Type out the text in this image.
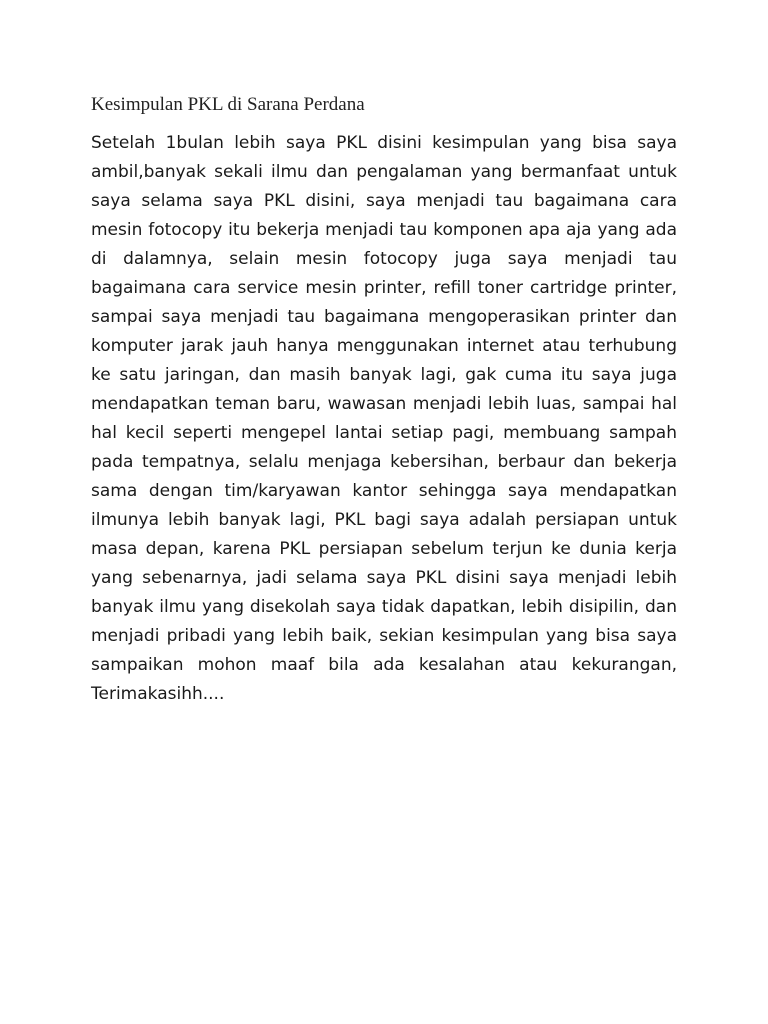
Kesimpulan PKL di Sarana Perdana

Setelah 1bulan lebih saya PKL disini kesimpulan yang bisa saya ambil,banyak sekali ilmu dan pengalaman yang bermanfaat untuk saya selama saya PKL disini, saya menjadi tau bagaimana cara mesin fotocopy itu bekerja menjadi tau komponen apa aja yang ada di dalamnya, selain mesin fotocopy juga saya menjadi tau bagaimana cara service mesin printer, refill toner cartridge printer, sampai saya menjadi tau bagaimana mengoperasikan printer dan komputer jarak jauh hanya menggunakan internet atau terhubung ke satu jaringan, dan masih banyak lagi, gak cuma itu saya juga mendapatkan teman baru, wawasan menjadi lebih luas, sampai hal hal kecil seperti mengepel lantai setiap pagi, membuang sampah pada tempatnya, selalu menjaga kebersihan, berbaur dan bekerja sama dengan tim/karyawan kantor sehingga saya mendapatkan ilmunya lebih banyak lagi, PKL bagi saya adalah persiapan untuk masa depan, karena PKL persiapan sebelum terjun ke dunia kerja yang sebenarnya, jadi selama saya PKL disini saya menjadi lebih banyak ilmu yang disekolah saya tidak dapatkan, lebih disipilin, dan menjadi pribadi yang lebih baik, sekian kesimpulan yang bisa saya sampaikan mohon maaf bila ada kesalahan atau kekurangan, Terimakasihh....
